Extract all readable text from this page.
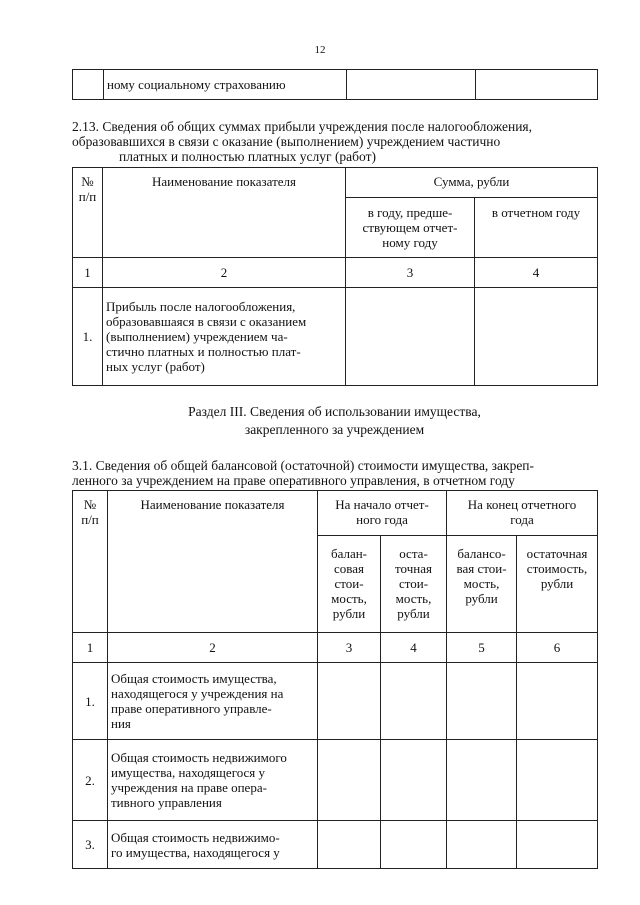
12
	ному социальному страхованию		
2.13. Сведения об общих суммах прибыли учреждения после налогообложения,
образовавшихся в связи с оказание (выполнением) учреждением частично
платных и полностью платных услуг (работ)
№
п/п	Наименование показателя	Сумма, рубли	
		в году, предше-
ствующем отчет-
ному году	в отчетном году
1	2	3	4
1.	Прибыль после налогообложения,
образовавшаяся в связи с оказанием
(выполнением) учреждением ча-
стично платных и полностью плат-
ных услуг (работ)		
Раздел III. Сведения об использовании имущества,
закрепленного за учреждением
3.1. Сведения об общей балансовой (остаточной) стоимости имущества, закреп-
ленного за учреждением на праве оперативного управления, в отчетном году
№
п/п	Наименование показателя	На начало отчет-
ного года		На конец отчетного
года	
		балан-
совая
стои-
мость,
рубли	оста-
точная
стои-
мость,
рубли	балансо-
вая стои-
мость,
рубли	остаточная
стоимость,
рубли
1	2	3	4	5	6
1.	Общая стоимость имущества,
находящегося у учреждения на
праве оперативного управле-
ния				
2.	Общая стоимость недвижимого
имущества, находящегося у
учреждения на праве опера-
тивного управления				
3.	Общая стоимость недвижимо-
го имущества, находящегося у				
